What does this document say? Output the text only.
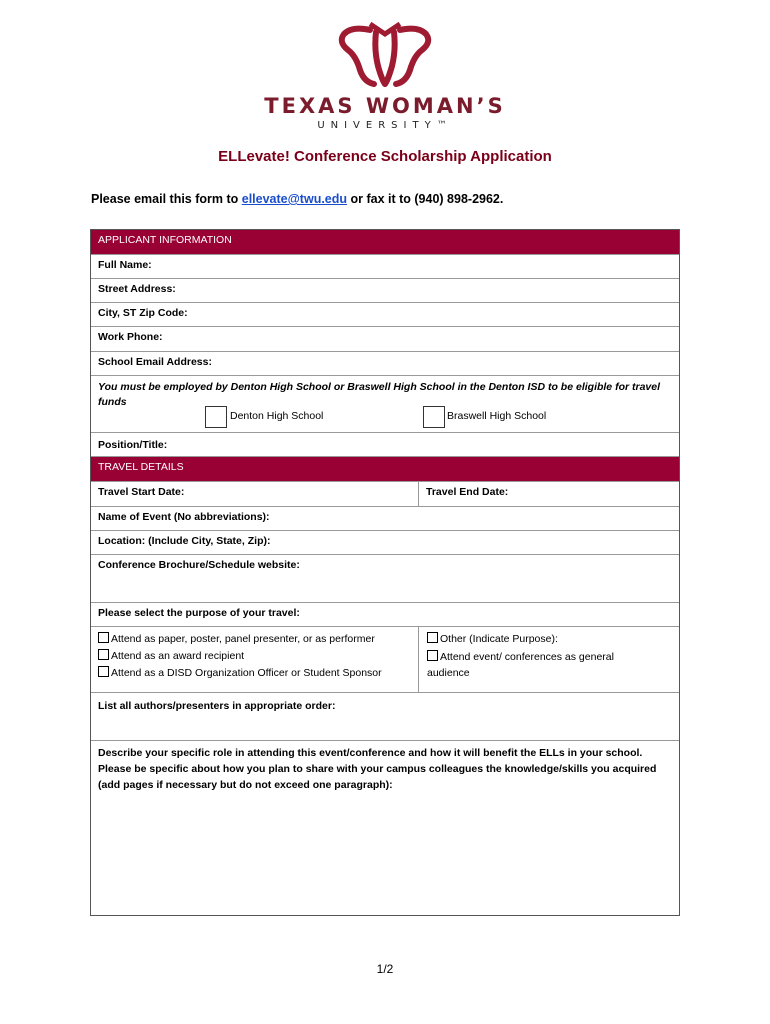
TEXAS WOMAN’S
UNIVERSITY™
ELLevate! Conference Scholarship Application
Please email this form to ellevate@twu.edu or fax it to (940) 898-2962.
APPLICANT INFORMATION
Full Name:
Street Address:
City, ST Zip Code:
Work Phone:
School Email Address:
You must be employed by Denton High School or Braswell High School in the Denton ISD to be eligible for travel funds
Denton High School	Braswell High School
Position/Title:
TRAVEL DETAILS
Travel Start Date:	Travel End Date:
Name of Event (No abbreviations):
Location: (Include City, State, Zip):
Conference Brochure/Schedule website:
Please select the purpose of your travel:
Attend as paper, poster, panel presenter, or as performer
Attend as an award recipient
Attend as a DISD Organization Officer or Student Sponsor
Other (Indicate Purpose):
Attend event/ conferences as general audience
List all authors/presenters in appropriate order:
Describe your specific role in attending this event/conference and how it will benefit the ELLs in your school. Please be specific about how you plan to share with your campus colleagues the knowledge/skills you acquired (add pages if necessary but do not exceed one paragraph):
1/2
